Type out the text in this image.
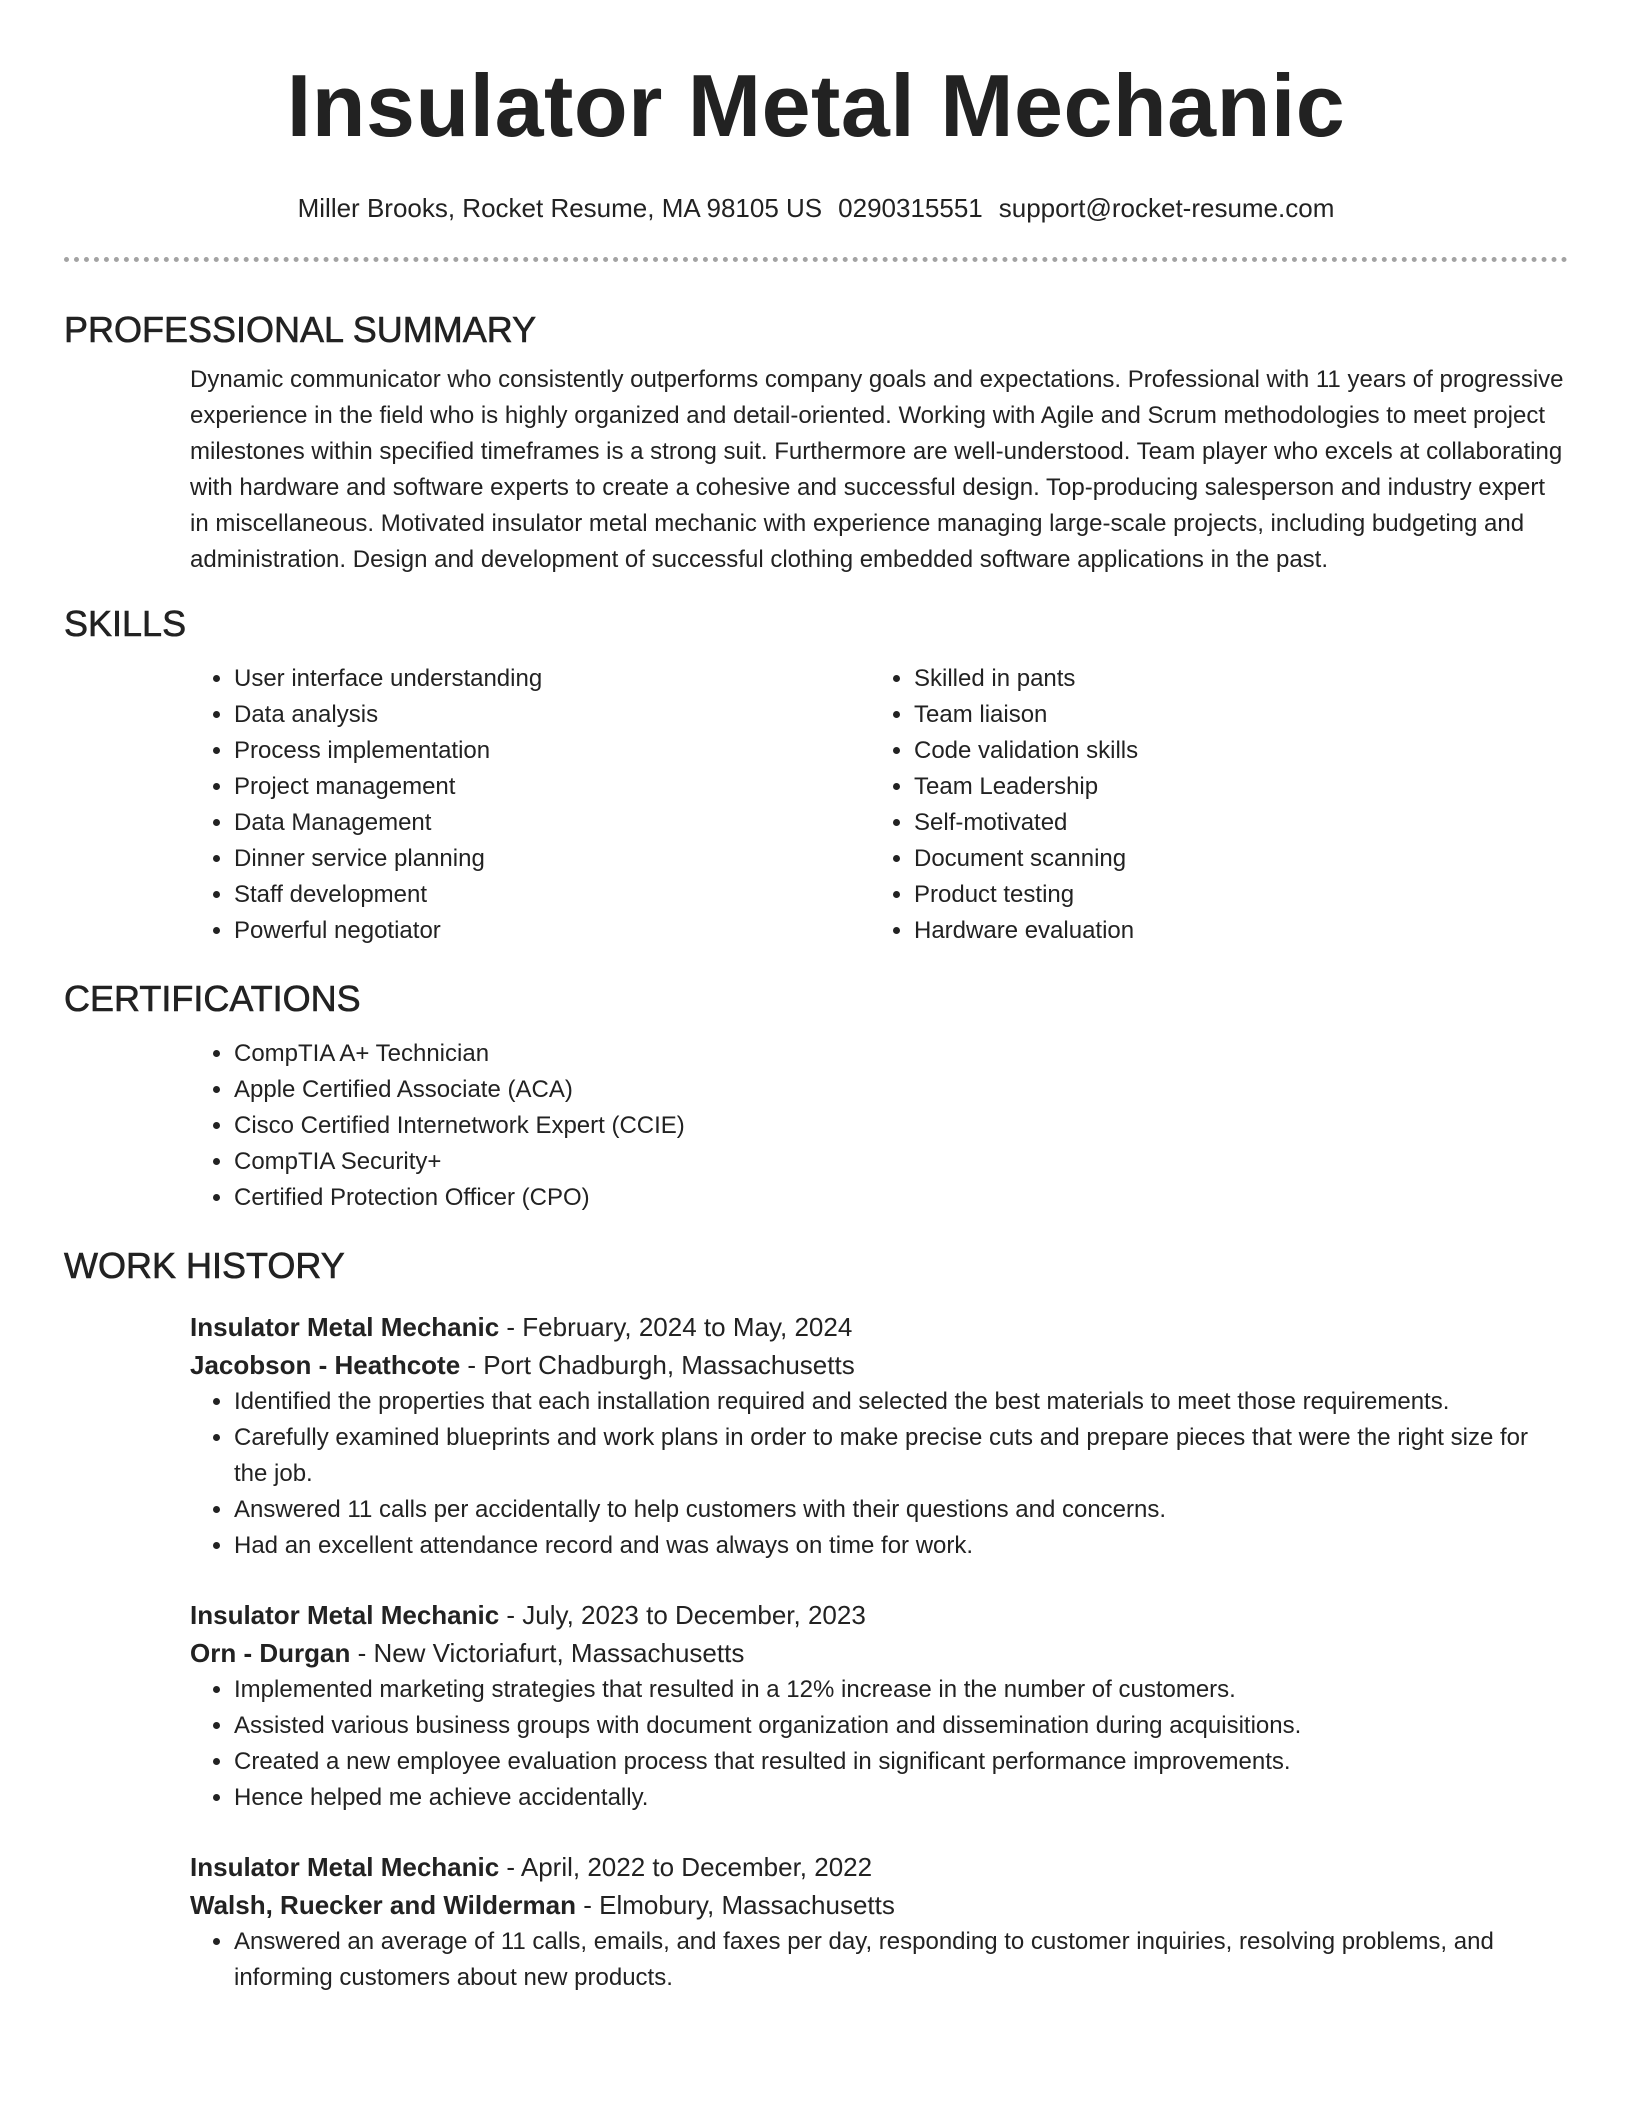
Insulator Metal Mechanic
Miller Brooks, Rocket Resume, MA 98105 US 0290315551 support@rocket-resume.com
PROFESSIONAL SUMMARY
Dynamic communicator who consistently outperforms company goals and expectations. Professional with 11 years of progressive experience in the field who is highly organized and detail-oriented. Working with Agile and Scrum methodologies to meet project milestones within specified timeframes is a strong suit. Furthermore are well-understood. Team player who excels at collaborating with hardware and software experts to create a cohesive and successful design. Top-producing salesperson and industry expert in miscellaneous. Motivated insulator metal mechanic with experience managing large-scale projects, including budgeting and administration. Design and development of successful clothing embedded software applications in the past.
SKILLS
• User interface understanding
• Data analysis
• Process implementation
• Project management
• Data Management
• Dinner service planning
• Staff development
• Powerful negotiator
• Skilled in pants
• Team liaison
• Code validation skills
• Team Leadership
• Self-motivated
• Document scanning
• Product testing
• Hardware evaluation
CERTIFICATIONS
• CompTIA A+ Technician
• Apple Certified Associate (ACA)
• Cisco Certified Internetwork Expert (CCIE)
• CompTIA Security+
• Certified Protection Officer (CPO)
WORK HISTORY
Insulator Metal Mechanic - February, 2024 to May, 2024
Jacobson - Heathcote - Port Chadburgh, Massachusetts
• Identified the properties that each installation required and selected the best materials to meet those requirements.
• Carefully examined blueprints and work plans in order to make precise cuts and prepare pieces that were the right size for the job.
• Answered 11 calls per accidentally to help customers with their questions and concerns.
• Had an excellent attendance record and was always on time for work.
Insulator Metal Mechanic - July, 2023 to December, 2023
Orn - Durgan - New Victoriafurt, Massachusetts
• Implemented marketing strategies that resulted in a 12% increase in the number of customers.
• Assisted various business groups with document organization and dissemination during acquisitions.
• Created a new employee evaluation process that resulted in significant performance improvements.
• Hence helped me achieve accidentally.
Insulator Metal Mechanic - April, 2022 to December, 2022
Walsh, Ruecker and Wilderman - Elmobury, Massachusetts
• Answered an average of 11 calls, emails, and faxes per day, responding to customer inquiries, resolving problems, and informing customers about new products.
